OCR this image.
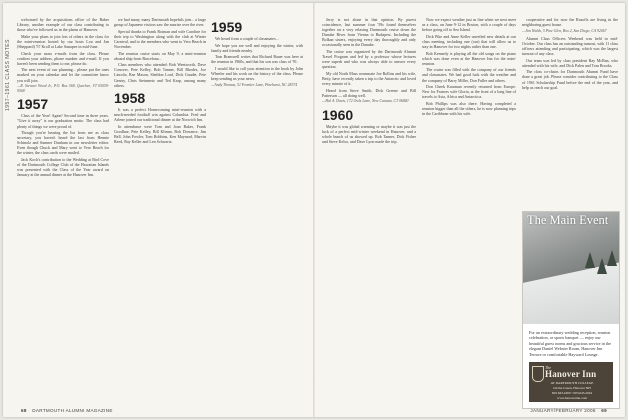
1957–1961 CLASS NOTES

welcomed by the acquisitions office of the Baker Library, another example of our class contributing to those who've followed us in the plains of Hanover.

Make your plans to join lots of others in the class for the mini-reunion hosted by our hosts Lou and Jan (Sheppard) '57 Kroll at Lake Sunapee in mid-June.

Check your mass e-mails from the class. Please confirm your address, phone number and e-mail. If you haven't been sending them to me, please do.

The next event of our planning... please put the ones marked on your calendar and let the committee know you will join.

—R. Stewart Wood Jr., P.O. Box 568, Quechee, VT 05059-0568

1957

Class of the Year! Again! Second time in three years. "Give it away" is our graduation motto. The class had plenty of things we were proud of.

Though you're hearing the list from me as class secretary, you haven't heard the last from Hennie Schinolz and Sumner Dunham in our newsletter editor. Even though Chuck and Mary went to Vero Beach for the winter, the class cards were mailed.

Jack Koch's contribution to the Wedding at Bird Cove of the Dartmouth College Club of the Hawaiian Islands was presented with the Class of the Year award on January at the annual dinner at the Hanover Inn.

we had many, many Dartmouth hopefuls join... a large group of Japanese visitors saw the sunrise over the river.

Special thanks to Frank Rotman and wife Caroline for their trip to Washington along with the club at Winter Carnival, and to the members who went to Vero Beach in November.

The reunion cruise starts on May 9, a mini-reunion aboard ship from Barcelona...

Class members who attended: Bob Wentworth, Dave Conover, Pete Kelley, Bob Tanner, Bill Rhodes, Joe Lincoln, Rae Mason, Sheldon Lord, Dick Gaudet, Pete Gentry, Chris Steinmetz and Ted Karp, among many others.

1958

It was a perfect Homecoming mini-reunion with a much-needed football win against Columbia. Fred and Arlene joined our traditional dinner at the Norwich Inn.

In attendance were Tom and Joan Baker, Frank Goodhue, Pete Kelley, Bill Klimm, Bob Dorrance, Jim Bell, John Fowler, Tom Robbins, Ken Maynard, Marvin Reed, Ray Keller and Len Schwartz.

1959

We heard from a couple of classmates...

We hope you are well and enjoying the winter, with family and friends nearby.

Tom Bramwell writes that Richard Bauer was here at the reunion in 1960s, and that his son was class of '91.

I would like to call your attention to the book by John Wheeler and his work on the history of the class. Please keep sending us your news.

—Andy Thomas, 51 Frontier Lane, Pinehurst, NC 28374

68 DARTMOUTH ALUMNI MAGAZINE

Jerry is not alone in that opinion. By purest coincidence, last summer four '59s found themselves together on a very relaxing Dartmouth cruise down the Danube River from Vienna to Budapest. Including the Bolkan sisters, enjoying every day thoroughly and only occasionally seen in the Danube.

The cruise was organized by the Dartmouth Alumni Travel Program and led by a professor whose lectures were superb and who was always able to answer every question.

My old North Mass roommate Joe Rollins and his wife, Betty, have recently taken a trip to the Antarctic and loved every minute of it.

Heard from Steve Smith, Dick Greene and Bill Patterson — all doing well.

—Hal A. Davis, 172 Owls Lane, New Canaan, CT 06840

1960

Maybe it was global warming or maybe it was just the luck of a perfect mid-winter weekend in Hanover, and a whole bunch of us showed up. Bob Tanner, Dick Fisher and Steve Kelso, and Dave Lyon made the trip.

Now we expect weather just as fine when we next meet as a class, on June 9-12 in Boston, with a couple of days before going off to Sea Island.

Dick Pike and Anne Keller unveiled new details at our class meeting, including one (our) that will allow us to stay in Hanover for two nights rather than one.

Bob Kennedy is playing all the old songs on the piano which was done even at the Hanover Inn for the mini-reunion.

The cruise was filled with the company of our friends and classmates. We had good luck with the weather and the company of Barry Miller, Don Fuller and others.

Don Cheek Kautman recently returned from Europe. New for Frances wife Gloria, at the front of a long line of travels to Asia, Africa and Antarctica.

Bob Phillips was also there. Having completed a reunion bigger than all the others, he is now planning trips in the Caribbean with his wife.

cooperative and for now the Rusoffs are living in the neighboring guest house.

—Jim Walsh, 5 Pine Glen, Box 2, San Diego, CA 92067

Alumni Class Officers Weekend was held in mid-October. Our class has an outstanding turnout, with 11 class officers attending and participating, which was the largest turnout of any class.

Our team was led by class president Ray McRan, who attended with his wife, and Dick Palen and Tom Brooks.

The class co-chairs for Dartmouth Alumni Fund have done a great job. Please consider contributing to the Class of 1961 Scholarship Fund before the end of the year, and help us reach our goal.

The Main Event
For an extraordinary wedding reception, reunion celebration, or sports banquet — enjoy our beautiful guest rooms and gracious service in the elegant Daniel Webster Room, Hanover Inn Terrace or comfortable Hayward Lounge.
The
Hanover Inn
AT DARTMOUTH COLLEGE
On the Green, Hanover NH
603.643.4300 • 603.643.2924
www.hanoverinn.com
JANUARY/FEBRUARY 2006 69
